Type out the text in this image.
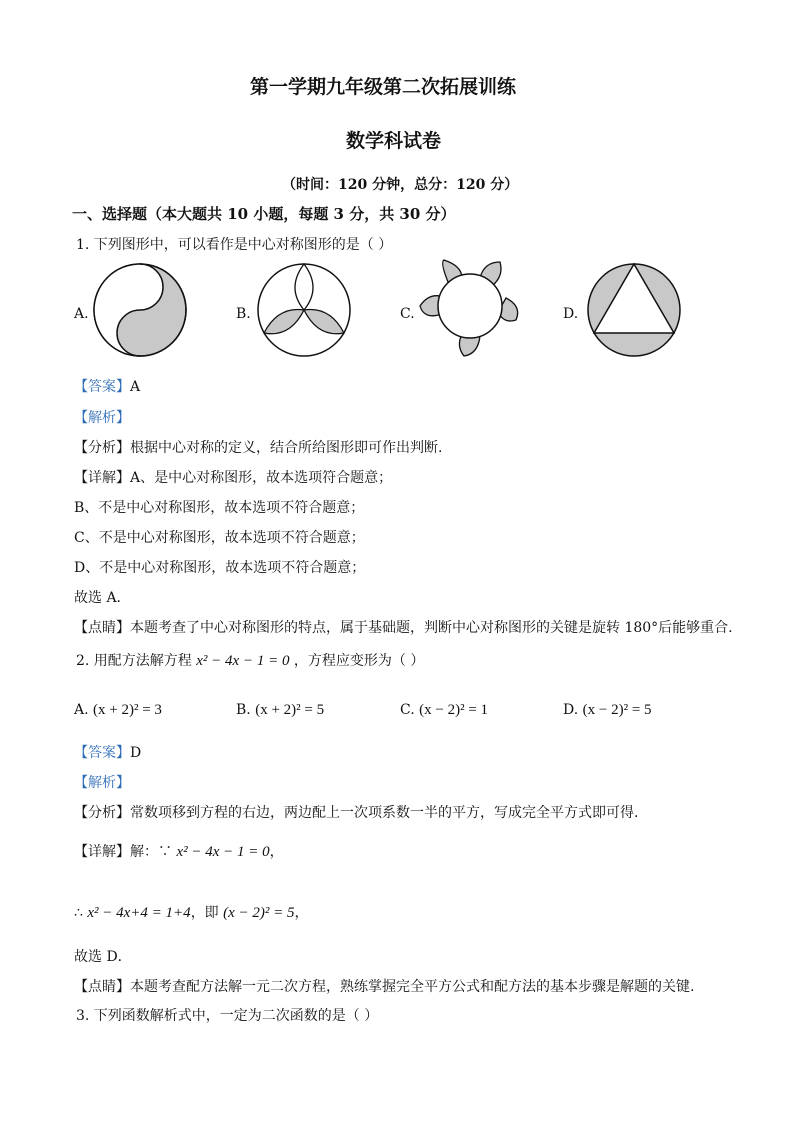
第一学期九年级第二次拓展训练
数学科试卷
（时间：120 分钟，总分：120 分）
一、选择题（本大题共 10 小题，每题 3 分，共 30 分）
1. 下列图形中，可以看作是中心对称图形的是（ ）
A.	B.	C.	D.
【答案】A
【解析】
【分析】根据中心对称的定义，结合所给图形即可作出判断.
【详解】A、是中心对称图形，故本选项符合题意；
B、不是中心对称图形，故本选项不符合题意；
C、不是中心对称图形，故本选项不符合题意；
D、不是中心对称图形，故本选项不符合题意；
故选 A．
【点睛】本题考查了中心对称图形的特点，属于基础题，判断中心对称图形的关键是旋转 180°后能够重合.
2. 用配方法解方程 x² − 4x − 1 = 0 ，方程应变形为（ ）
A. (x + 2)² = 3	B. (x + 2)² = 5	C. (x − 2)² = 1	D. (x − 2)² = 5
【答案】D
【解析】
【分析】常数项移到方程的右边，两边配上一次项系数一半的平方，写成完全平方式即可得.
【详解】解：∵ x² − 4x − 1 = 0，
∴ x² − 4x+4 = 1+4，即 (x − 2)² = 5，
故选 D．
【点睛】本题考查配方法解一元二次方程，熟练掌握完全平方公式和配方法的基本步骤是解题的关键.
3. 下列函数解析式中，一定为二次函数的是（ ）
